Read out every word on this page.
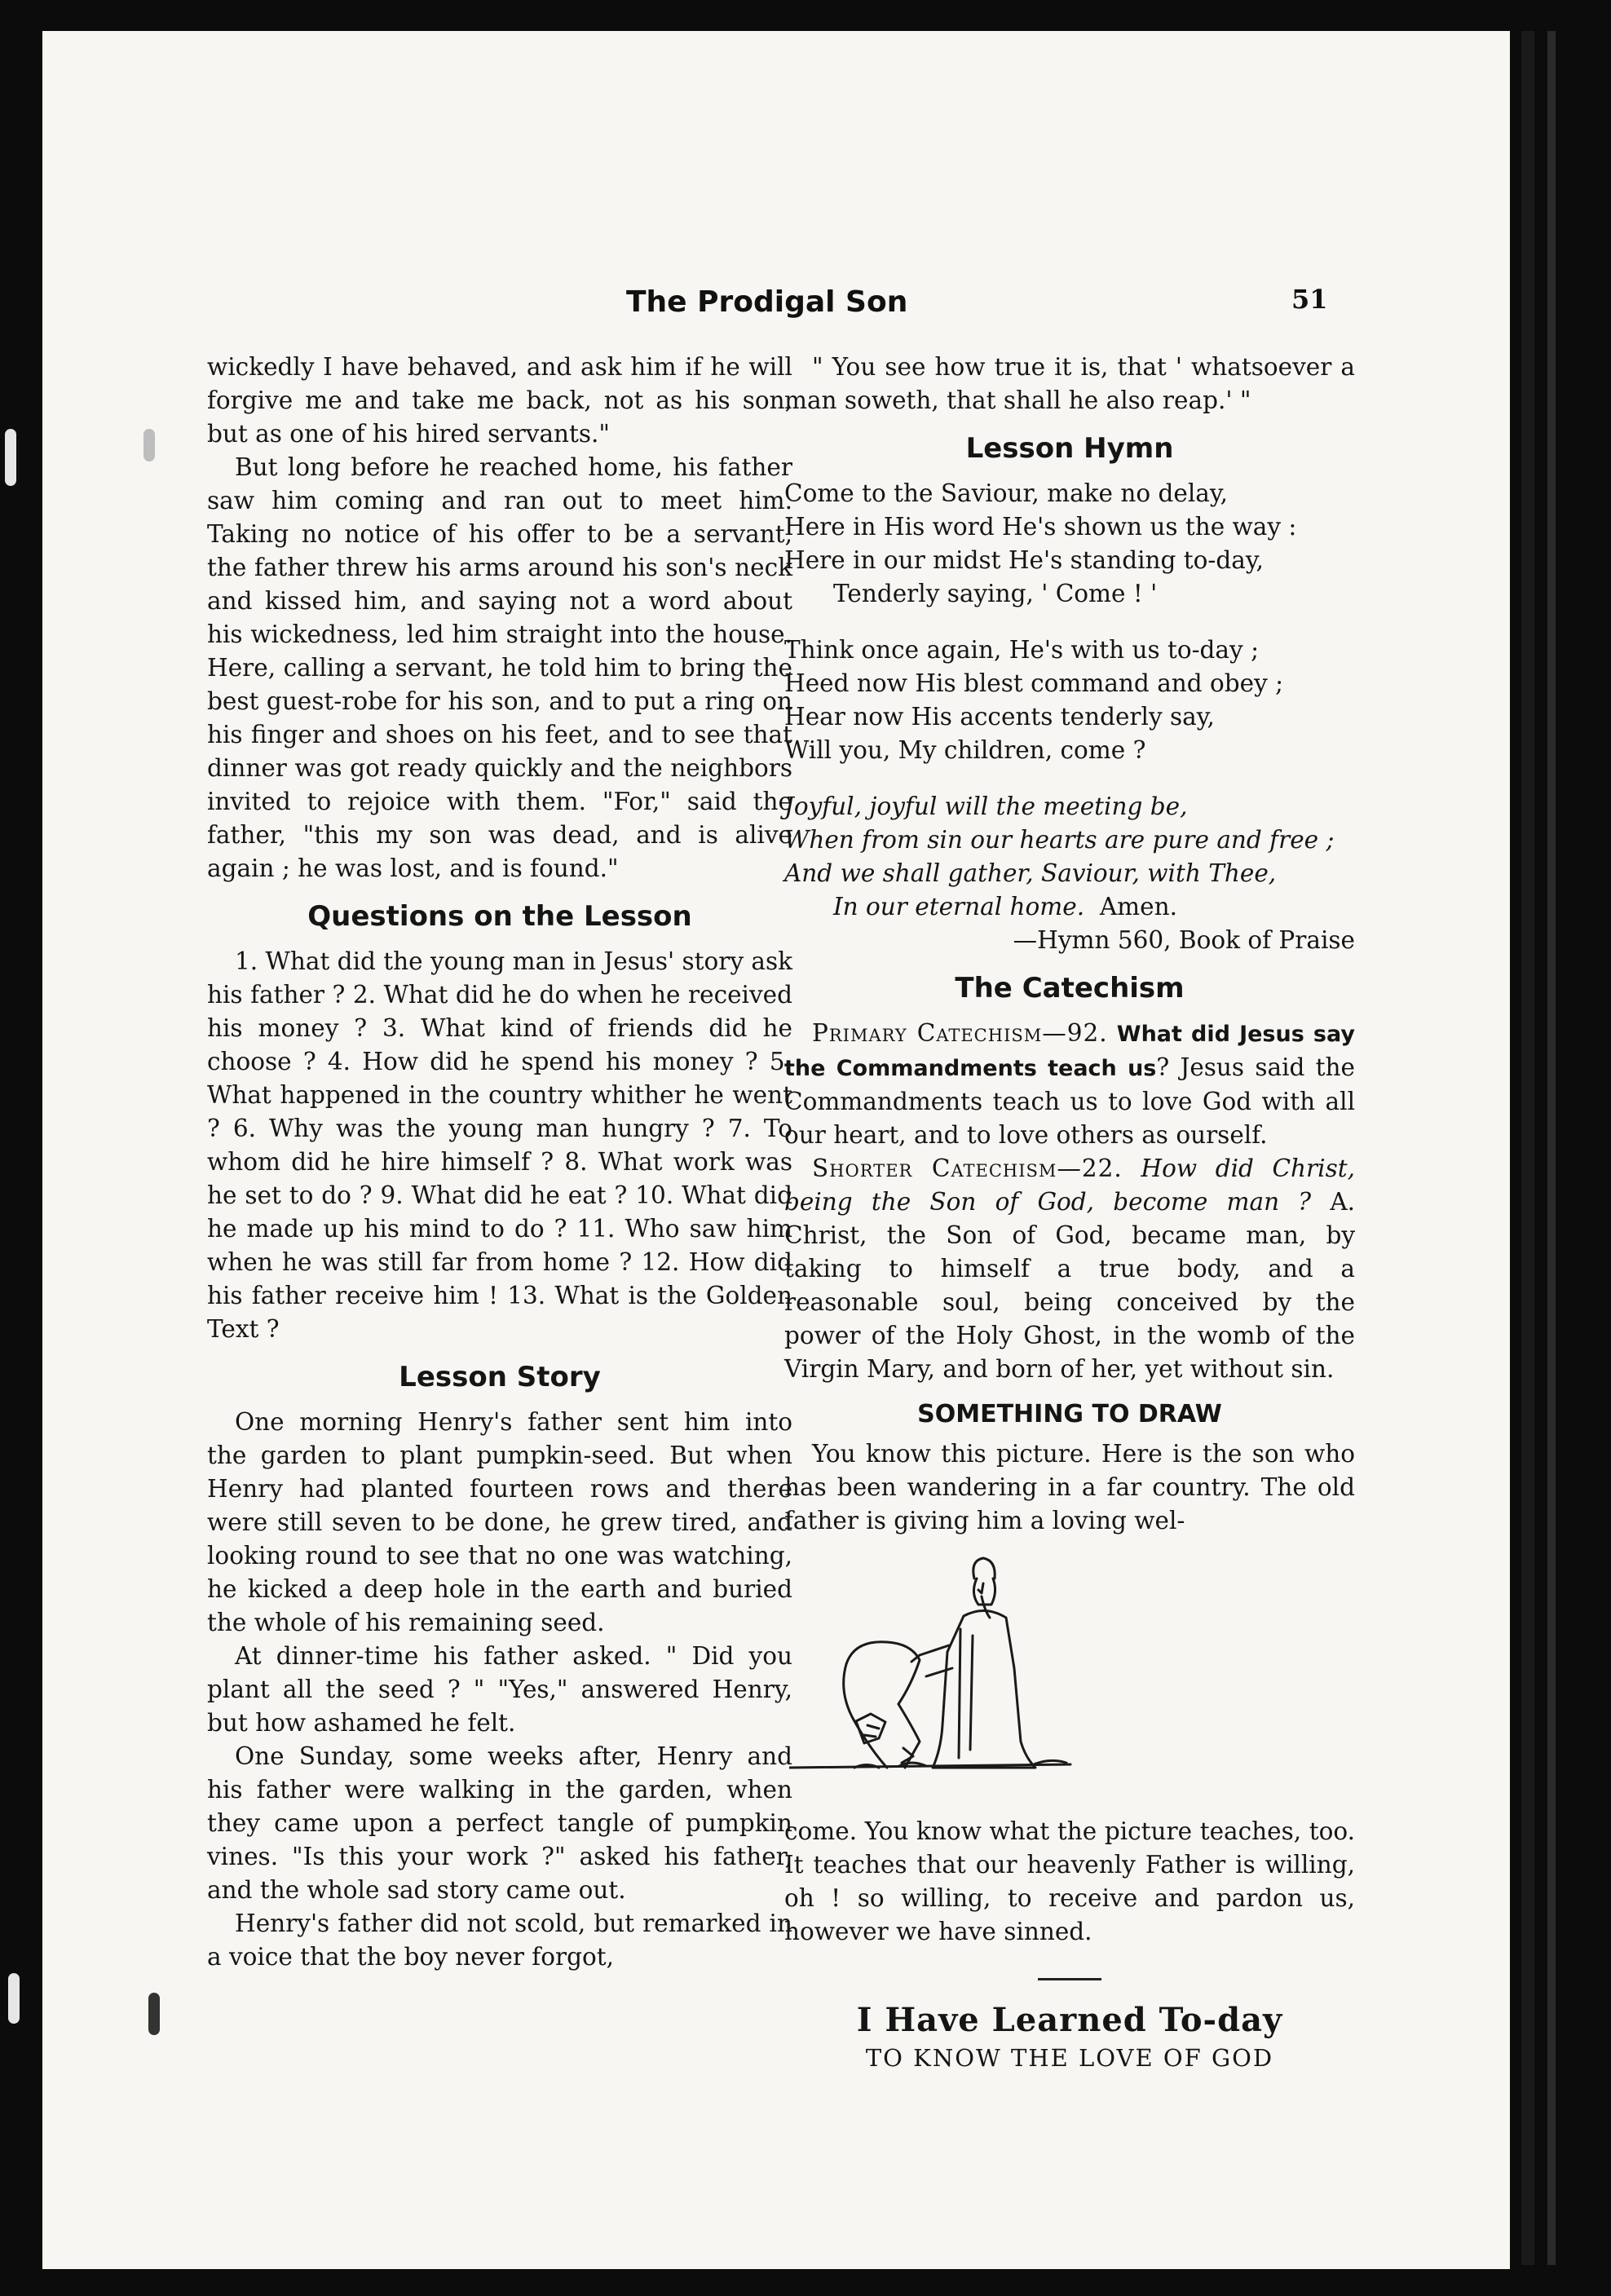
The Prodigal Son	51

wickedly I have behaved, and ask him if he will forgive me and take me back, not as his son, but as one of his hired servants."

But long before he reached home, his father saw him coming and ran out to meet him. Taking no notice of his offer to be a servant, the father threw his arms around his son's neck and kissed him, and saying not a word about his wickedness, led him straight into the house. Here, calling a servant, he told him to bring the best guest-robe for his son, and to put a ring on his finger and shoes on his feet, and to see that dinner was got ready quickly and the neighbors invited to rejoice with them. "For," said the father, "this my son was dead, and is alive again ; he was lost, and is found."

Questions on the Lesson

1. What did the young man in Jesus' story ask his father ? 2. What did he do when he received his money ? 3. What kind of friends did he choose ? 4. How did he spend his money ? 5. What happened in the country whither he went ? 6. Why was the young man hungry ? 7. To whom did he hire himself ? 8. What work was he set to do ? 9. What did he eat ? 10. What did he made up his mind to do ? 11. Who saw him when he was still far from home ? 12. How did his father receive him ! 13. What is the Golden Text ?

Lesson Story

One morning Henry's father sent him into the garden to plant pumpkin-seed. But when Henry had planted fourteen rows and there were still seven to be done, he grew tired, and looking round to see that no one was watching, he kicked a deep hole in the earth and buried the whole of his remaining seed.

At dinner-time his father asked. " Did you plant all the seed ? " "Yes," answered Henry, but how ashamed he felt.

One Sunday, some weeks after, Henry and his father were walking in the garden, when they came upon a perfect tangle of pumpkin vines. "Is this your work ?" asked his father, and the whole sad story came out.

Henry's father did not scold, but remarked in a voice that the boy never forgot,

" You see how true it is, that ' whatsoever a man soweth, that shall he also reap.' "

Lesson Hymn
Come to the Saviour, make no delay,
Here in His word He's shown us the way :
Here in our midst He's standing to-day,
Tenderly saying, ' Come ! '
Think once again, He's with us to-day ;
Heed now His blest command and obey ;
Hear now His accents tenderly say,
Will you, My children, come ?
Joyful, joyful will the meeting be,
When from sin our hearts are pure and free ;
And we shall gather, Saviour, with Thee,
In our eternal home. Amen.
—Hymn 560, Book of Praise
The Catechism

Primary Catechism—92. What did Jesus say the Commandments teach us? Jesus said the Commandments teach us to love God with all our heart, and to love others as ourself.

Shorter Catechism—22. How did Christ, being the Son of God, become man ? A. Christ, the Son of God, became man, by taking to himself a true body, and a reasonable soul, being conceived by the power of the Holy Ghost, in the womb of the Virgin Mary, and born of her, yet without sin.

SOMETHING TO DRAW

You know this picture. Here is the son who has been wandering in a far country. The old father is giving him a loving wel-

come. You know what the picture teaches, too. It teaches that our heavenly Father is willing, oh ! so willing, to receive and pardon us, however we have sinned.

I Have Learned To-day
TO KNOW THE LOVE OF GOD
